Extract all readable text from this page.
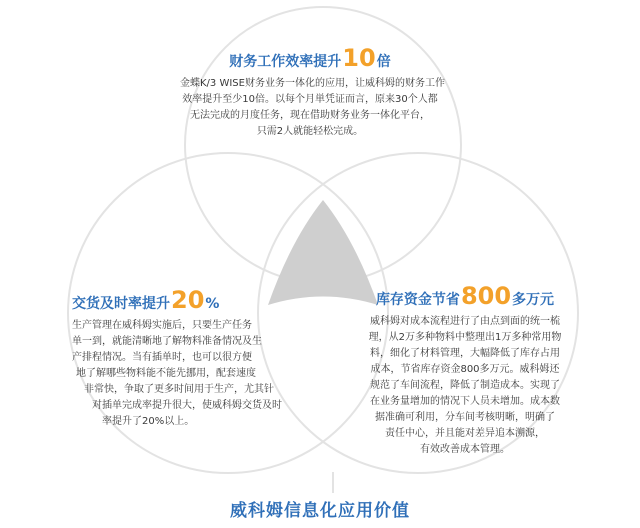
财务工作效率提升10倍
金蝶K/3 WISE财务业务一体化的应用，让威科姆的财务工作
效率提升至少10倍。以每个月単凭证而言，原来30个人都
无法完成的月度任务，现在借助财务业务一体化平台，
只需2人就能轻松完成。
交货及时率提升20%
生产管理在威科姆实施后，只要生产任务
单一到，就能清晰地了解物料准备情况及生
产排程情况。当有插单时，也可以很方便
地了解哪些物料能不能先挪用，配套速度
非常快，争取了更多时间用于生产，尤其针
对插单完成率提升很大，使威科姆交货及时
率提升了20%以上。
库存资金节省800多万元
威科姆对成本流程进行了由点到面的统一梳
理，从2万多种物料中整理出1万多种常用物
料，细化了材料管理，大幅降低了库存占用
成本，节省库存资金800多万元。威科姆还
规范了车间流程，降低了制造成本。实现了
在业务量增加的情况下人员未增加。成本数
据准确可利用，分车间考核明晰，明确了
责任中心，并且能对差异追本溯源，
有效改善成本管理。
威科姆信息化应用价值
